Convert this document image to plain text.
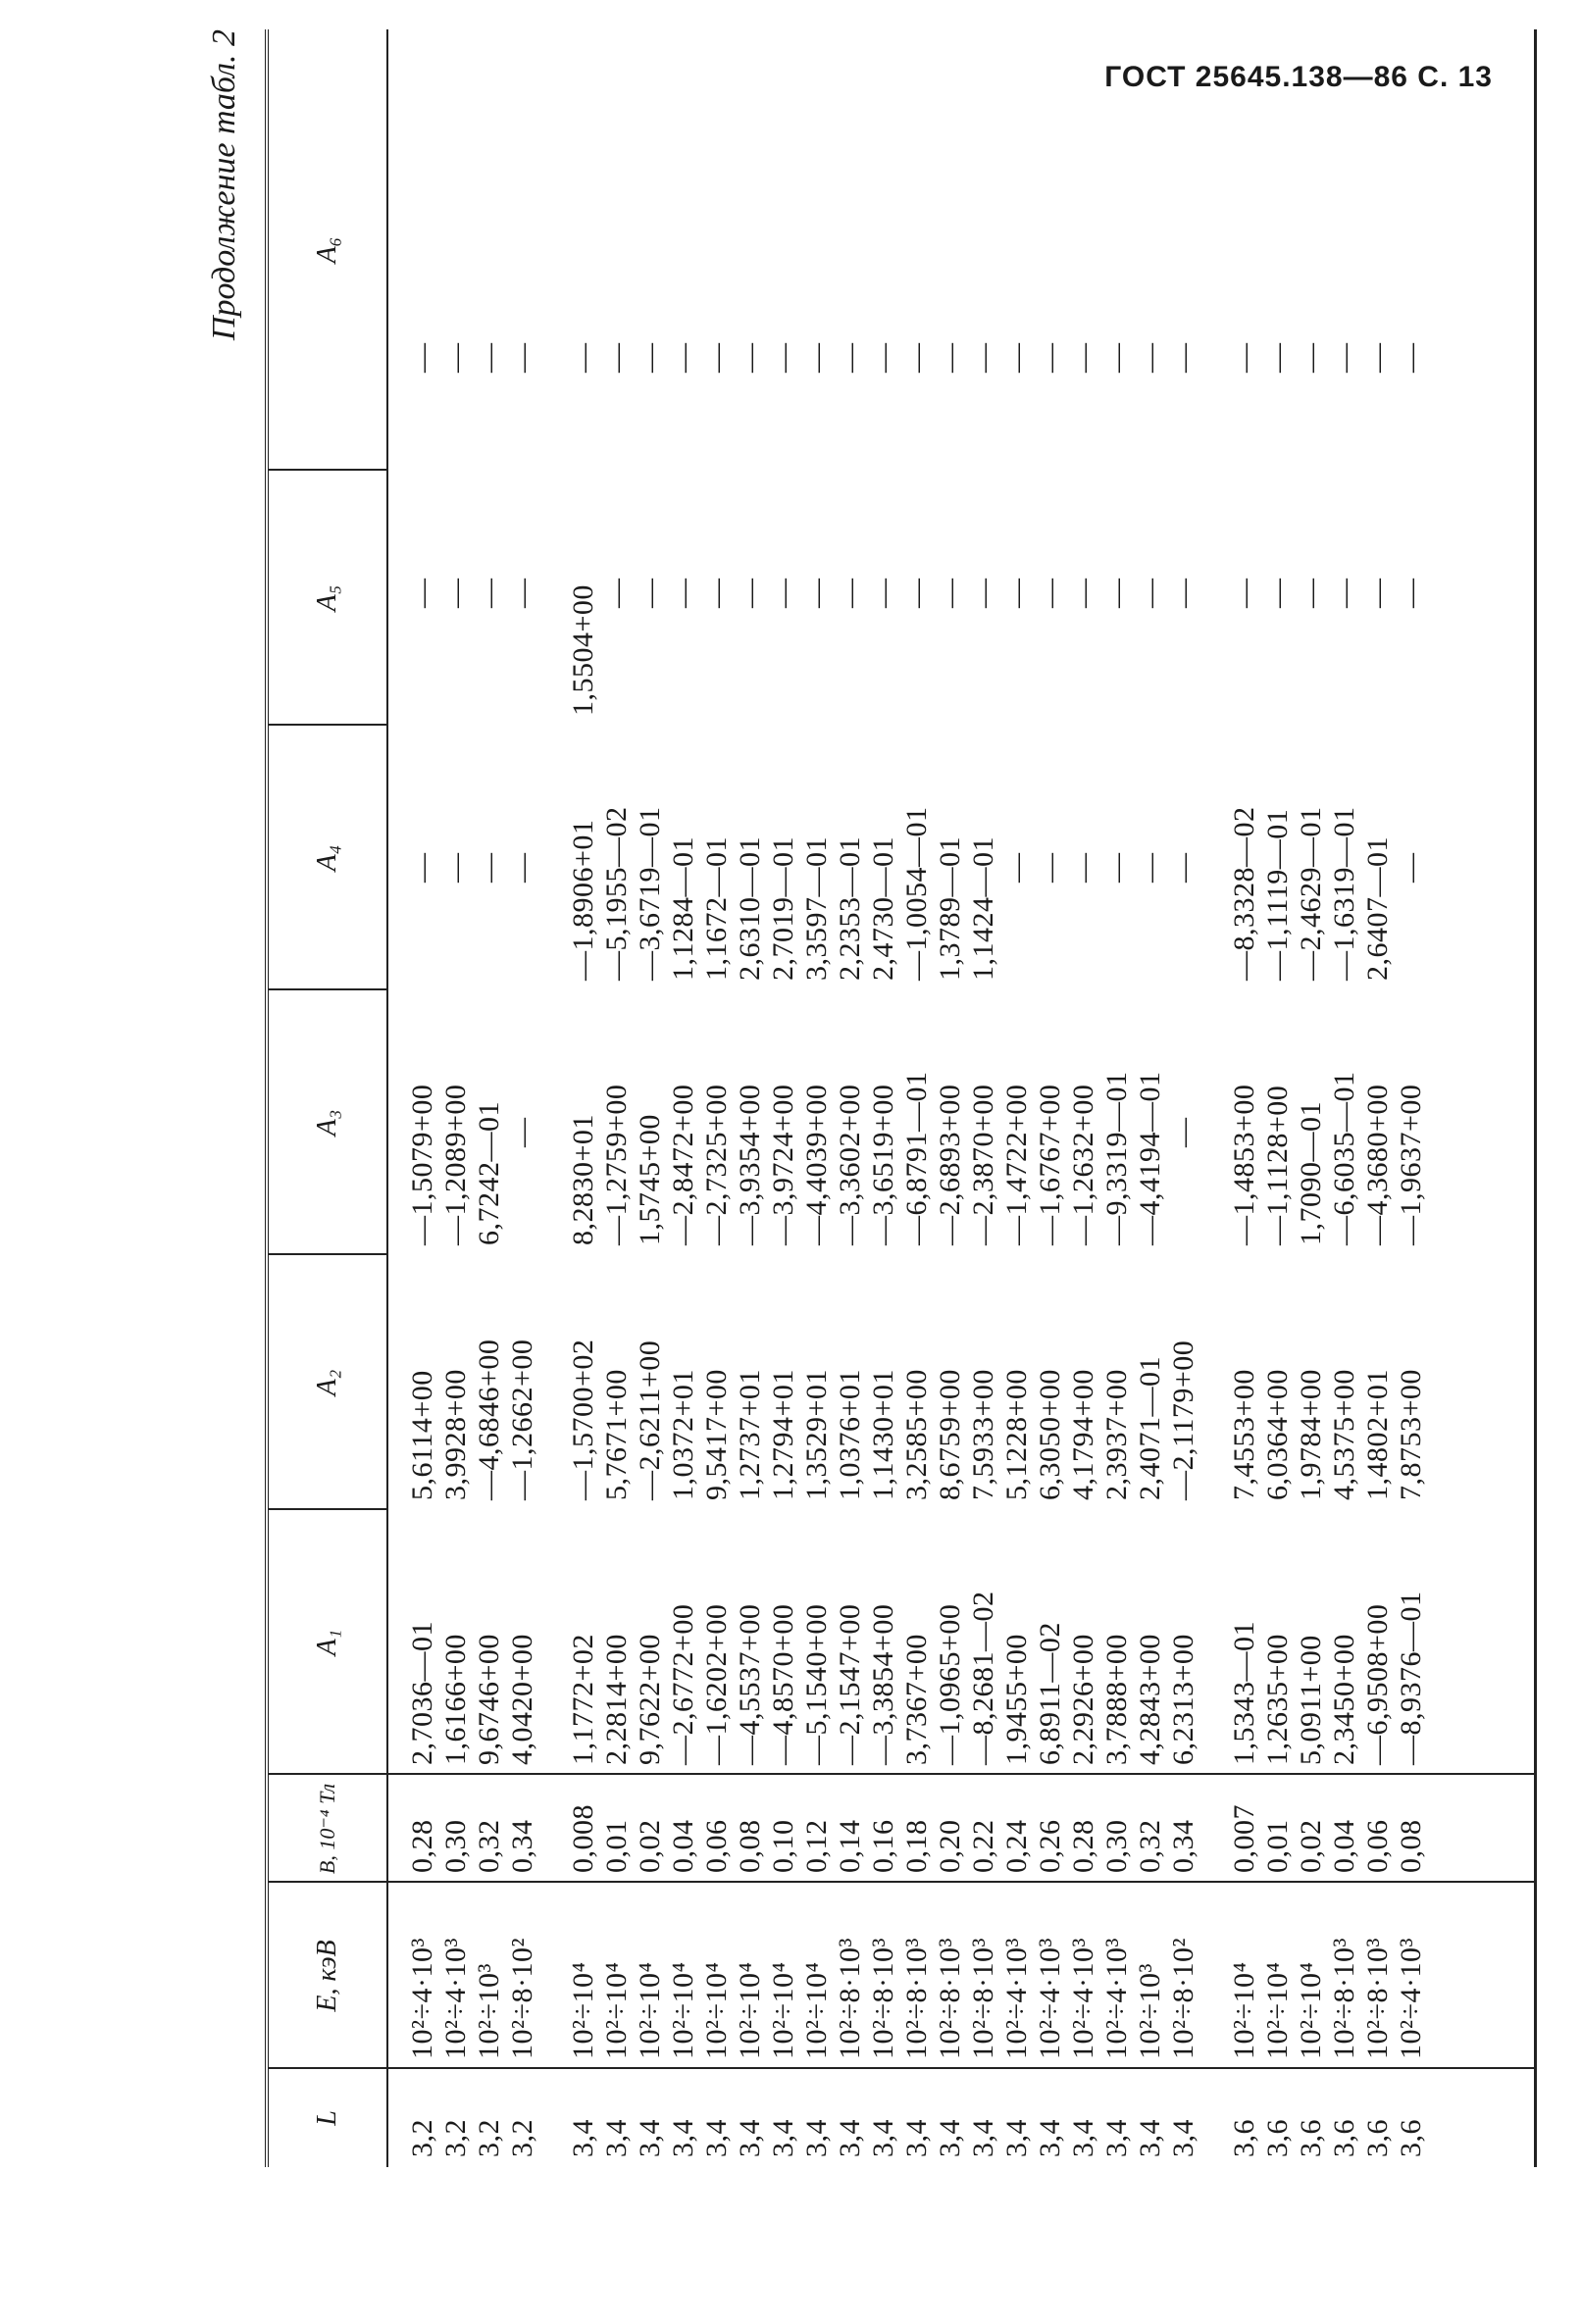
ГОСТ 25645.138—86 С. 13
Продолжение табл. 2
L
E, кэВ
B, 10⁻⁴ Тл
A₁
A₂
A₃
A₄
A₅
A₆
3,2
10²÷4·10³
0,28
2,7036—01
5,6114+00
—1,5079+00
—
—
—
3,2
10²÷4·10³
0,30
1,6166+00
3,9928+00
—1,2089+00
—
—
—
3,2
10²÷10³
0,32
9,6746+00
—4,6846+00
6,7242—01
—
—
—
3,2
10²÷8·10²
0,34
4,0420+00
—1,2662+00
—
—
—
—
3,4
10²÷10⁴
0,008
1,1772+02
—1,5700+02
8,2830+01
—1,8906+01
1,5504+00
—
3,4
10²÷10⁴
0,01
2,2814+00
5,7671+00
—1,2759+00
—5,1955—02
—
—
3,4
10²÷10⁴
0,02
9,7622+00
—2,6211+00
1,5745+00
—3,6719—01
—
—
3,4
10²÷10⁴
0,04
—2,6772+00
1,0372+01
—2,8472+00
1,1284—01
—
—
3,4
10²÷10⁴
0,06
—1,6202+00
9,5417+00
—2,7325+00
1,1672—01
—
—
3,4
10²÷10⁴
0,08
—4,5537+00
1,2737+01
—3,9354+00
2,6310—01
—
—
3,4
10²÷10⁴
0,10
—4,8570+00
1,2794+01
—3,9724+00
2,7019—01
—
—
3,4
10²÷10⁴
0,12
—5,1540+00
1,3529+01
—4,4039+00
3,3597—01
—
—
3,4
10²÷8·10³
0,14
—2,1547+00
1,0376+01
—3,3602+00
2,2353—01
—
—
3,4
10²÷8·10³
0,16
—3,3854+00
1,1430+01
—3,6519+00
2,4730—01
—
—
3,4
10²÷8·10³
0,18
3,7367+00
3,2585+00
—6,8791—01
—1,0054—01
—
—
3,4
10²÷8·10³
0,20
—1,0965+00
8,6759+00
—2,6893+00
1,3789—01
—
—
3,4
10²÷8·10³
0,22
—8,2681—02
7,5933+00
—2,3870+00
1,1424—01
—
—
3,4
10²÷4·10³
0,24
1,9455+00
5,1228+00
—1,4722+00
—
—
—
3,4
10²÷4·10³
0,26
6,8911—02
6,3050+00
—1,6767+00
—
—
—
3,4
10²÷4·10³
0,28
2,2926+00
4,1794+00
—1,2632+00
—
—
—
3,4
10²÷4·10³
0,30
3,7888+00
2,3937+00
—9,3319—01
—
—
—
3,4
10²÷10³
0,32
4,2843+00
2,4071—01
—4,4194—01
—
—
—
3,4
10²÷8·10²
0,34
6,2313+00
—2,1179+00
—
—
—
—
3,6
10²÷10⁴
0,007
1,5343—01
7,4553+00
—1,4853+00
—8,3328—02
—
—
3,6
10²÷10⁴
0,01
1,2635+00
6,0364+00
—1,1128+00
—1,1119—01
—
—
3,6
10²÷10⁴
0,02
5,0911+00
1,9784+00
1,7090—01
—2,4629—01
—
—
3,6
10²÷8·10³
0,04
2,3450+00
4,5375+00
—6,6035—01
—1,6319—01
—
—
3,6
10²÷8·10³
0,06
—6,9508+00
1,4802+01
—4,3680+00
2,6407—01
—
—
3,6
10²÷4·10³
0,08
—8,9376—01
7,8753+00
—1,9637+00
—
—
—
